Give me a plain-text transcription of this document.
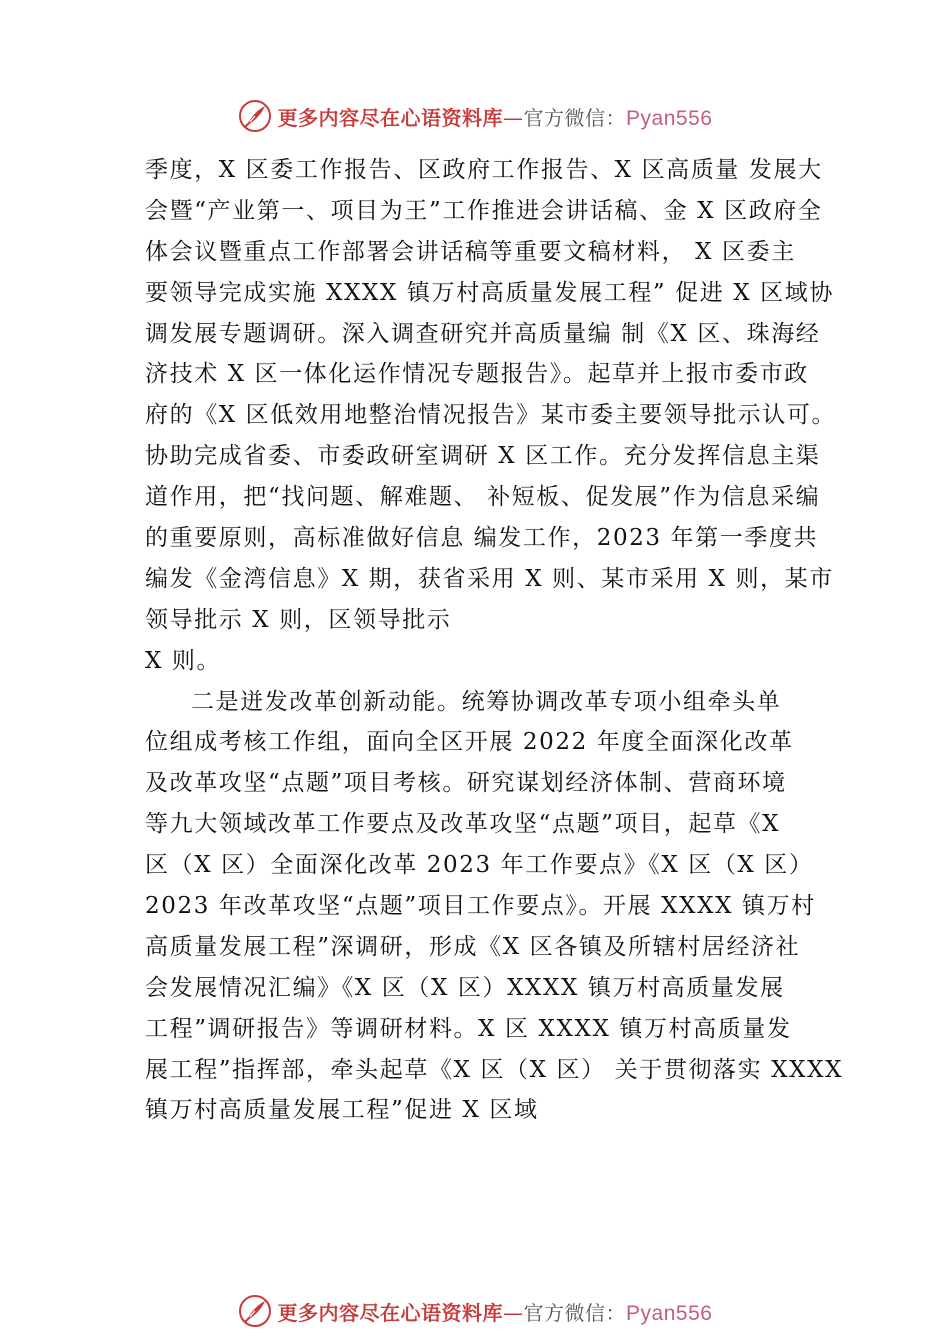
更多内容尽在心语资料库—官方微信：Pyan556
季度，X 区委工作报告、区政府工作报告、X 区高质量 发展大
会暨“产业第一、项目为王”工作推进会讲话稿、金 X 区政府全
体会议暨重点工作部署会讲话稿等重要文稿材料， X 区委主
要领导完成实施 XXXX 镇万村高质量发展工程” 促进 X 区域协
调发展专题调研。深入调查研究并高质量编 制《X 区、珠海经
济技术 X 区一体化运作情况专题报告》。起草并上报市委市政
府的《X 区低效用地整治情况报告》某市委主要领导批示认可。
协助完成省委、市委政研室调研 X 区工作。充分发挥信息主渠
道作用，把“找问题、解难题、 补短板、促发展”作为信息采编
的重要原则，高标准做好信息 编发工作，2023 年第一季度共
编发《金湾信息》X 期，获省采用 X 则、某市采用 X 则，某市
领导批示 X 则，区领导批示
X 则。
二是迸发改革创新动能。统筹协调改革专项小组牵头单
位组成考核工作组，面向全区开展 2022 年度全面深化改革
及改革攻坚“点题”项目考核。研究谋划经济体制、营商环境
等九大领域改革工作要点及改革攻坚“点题”项目，起草《X
区（X 区）全面深化改革 2023 年工作要点》《X 区（X 区）
2023 年改革攻坚“点题”项目工作要点》。开展 XXXX 镇万村
高质量发展工程”深调研，形成《X 区各镇及所辖村居经济社
会发展情况汇编》《X 区（X 区）XXXX 镇万村高质量发展
工程”调研报告》等调研材料。X 区 XXXX 镇万村高质量发
展工程”指挥部，牵头起草《X 区（X 区） 关于贯彻落实 XXXX
镇万村高质量发展工程”促进 X 区域
更多内容尽在心语资料库—官方微信：Pyan556
